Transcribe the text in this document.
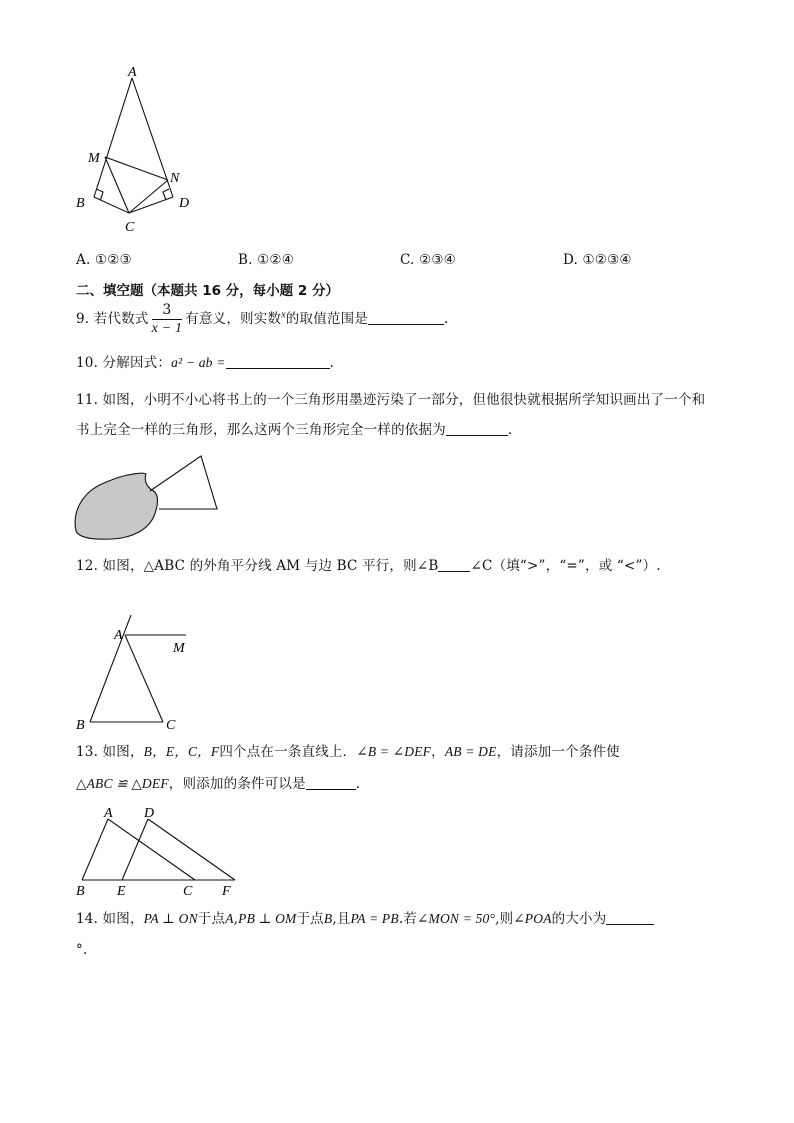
A
M
N
B
C
D
A. ①②③	B. ①②④	C. ②③④	D. ①②③④
二、填空题（本题共 16 分，每小题 2 分）
9. 若代数式 $\frac{3}{x - 1}$ 有意义，则实数$^x$的取值范围是	.
10. 分解因式：a² − ab =	.
11. 如图，小明不小心将书上的一个三角形用墨迹污染了一部分，但他很快就根据所学知识画出了一个和
书上完全一样的三角形，那么这两个三角形完全一样的依据为	.
12. 如图，△ABC 的外角平分线 AM 与边 BC 平行，则∠B ∠C（填“>”，“=”，或 “<”）.
A
M
B	C
13. 如图，B，E，C，F四个点在一条直线上．∠B = ∠DEF，AB = DE，请添加一个条件使
△ABC ≌ △DEF，则添加的条件可以是	.
A D
B E	C F
14. 如图，PA ⊥ ON于点A,PB ⊥ OM于点B,且PA = PB.若∠MON = 50°,则∠POA的大小为
°.
